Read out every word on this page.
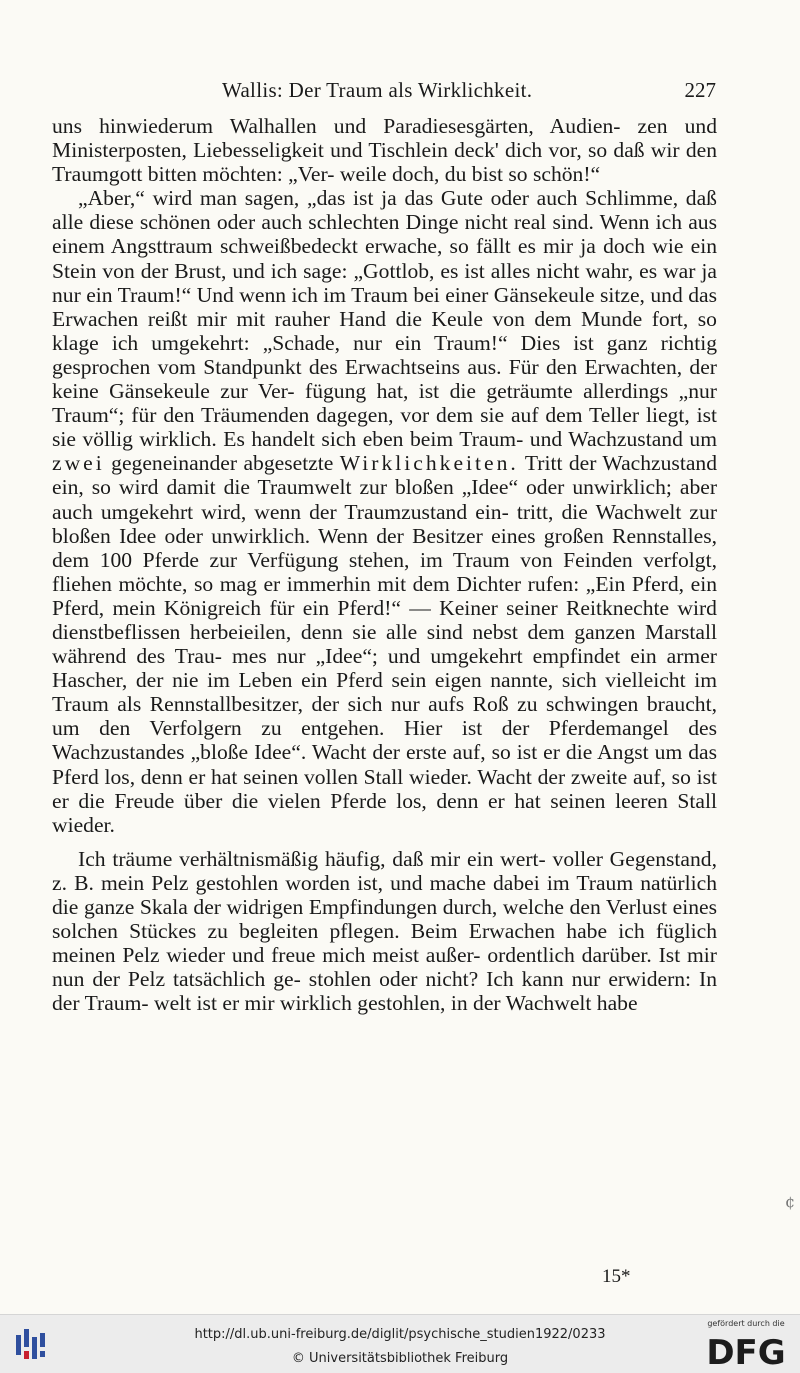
Wallis: Der Traum als Wirklichkeit.	227

uns hinwiederum Walhallen und Paradiesesgärten, Audien- zen und Ministerposten, Liebesseligkeit und Tischlein deck' dich vor, so daß wir den Traumgott bitten möchten: „Ver- weile doch, du bist so schön!“

„Aber,“ wird man sagen, „das ist ja das Gute oder auch Schlimme, daß alle diese schönen oder auch schlechten Dinge nicht real sind. Wenn ich aus einem Angsttraum schweißbedeckt erwache, so fällt es mir ja doch wie ein Stein von der Brust, und ich sage: „Gottlob, es ist alles nicht wahr, es war ja nur ein Traum!“ Und wenn ich im Traum bei einer Gänsekeule sitze, und das Erwachen reißt mir mit rauher Hand die Keule von dem Munde fort, so klage ich umgekehrt: „Schade, nur ein Traum!“ Dies ist ganz richtig gesprochen vom Standpunkt des Erwachtseins aus. Für den Erwachten, der keine Gänsekeule zur Ver- fügung hat, ist die geträumte allerdings „nur Traum“; für den Träumenden dagegen, vor dem sie auf dem Teller liegt, ist sie völlig wirklich. Es handelt sich eben beim Traum- und Wachzustand um zwei gegeneinander abgesetzte Wirklichkeiten. Tritt der Wachzustand ein, so wird damit die Traumwelt zur bloßen „Idee“ oder unwirklich; aber auch umgekehrt wird, wenn der Traumzustand ein- tritt, die Wachwelt zur bloßen Idee oder unwirklich. Wenn der Besitzer eines großen Rennstalles, dem 100 Pferde zur Verfügung stehen, im Traum von Feinden verfolgt, fliehen möchte, so mag er immerhin mit dem Dichter rufen: „Ein Pferd, ein Pferd, mein Königreich für ein Pferd!“ — Keiner seiner Reitknechte wird dienstbeflissen herbeieilen, denn sie alle sind nebst dem ganzen Marstall während des Trau- mes nur „Idee“; und umgekehrt empfindet ein armer Hascher, der nie im Leben ein Pferd sein eigen nannte, sich vielleicht im Traum als Rennstallbesitzer, der sich nur aufs Roß zu schwingen braucht, um den Verfolgern zu entgehen. Hier ist der Pferdemangel des Wachzustandes „bloße Idee“. Wacht der erste auf, so ist er die Angst um das Pferd los, denn er hat seinen vollen Stall wieder. Wacht der zweite auf, so ist er die Freude über die vielen Pferde los, denn er hat seinen leeren Stall wieder.

Ich träume verhältnismäßig häufig, daß mir ein wert- voller Gegenstand, z. B. mein Pelz gestohlen worden ist, und mache dabei im Traum natürlich die ganze Skala der widrigen Empfindungen durch, welche den Verlust eines solchen Stückes zu begleiten pflegen. Beim Erwachen habe ich füglich meinen Pelz wieder und freue mich meist außer- ordentlich darüber. Ist mir nun der Pelz tatsächlich ge- stohlen oder nicht? Ich kann nur erwidern: In der Traum- welt ist er mir wirklich gestohlen, in der Wachwelt habe

15*
¢
http://dl.ub.uni-freiburg.de/diglit/psychische_studien1922/0233
© Universitätsbibliothek Freiburg
gefördert durch die
DFG
